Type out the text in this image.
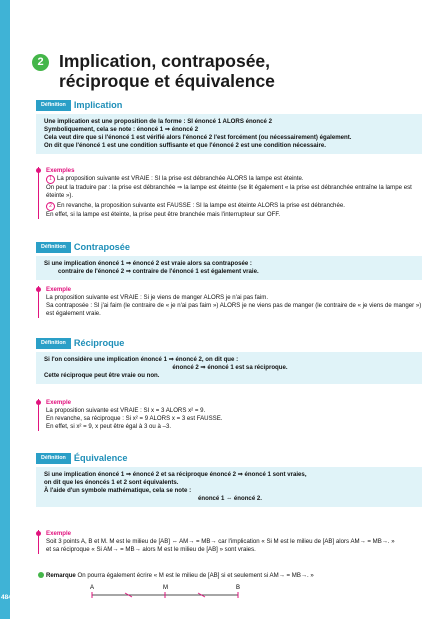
484
2 Implication, contraposée,
réciproque et équivalence
Définition Implication
Une implication est une proposition de la forme : SI énoncé 1 ALORS énoncé 2
Symboliquement, cela se note : énoncé 1 ⇒ énoncé 2
Cela veut dire que si l'énoncé 1 est vérifié alors l'énoncé 2 l'est forcément (ou nécessairement) également.
On dit que l'énoncé 1 est une condition suffisante et que l'énoncé 2 est une condition nécessaire.
Exemples
1 La proposition suivante est VRAIE : SI la prise est débranchée ALORS la lampe est éteinte.
On peut la traduire par : la prise est débranchée ⇒ la lampe est éteinte (se lit également « la prise est débranchée entraîne la lampe est éteinte »).
2 En revanche, la proposition suivante est FAUSSE : SI la lampe est éteinte ALORS la prise est débranchée.
En effet, si la lampe est éteinte, la prise peut être branchée mais l'interrupteur sur OFF.
Définition Contraposée
Si une implication énoncé 1 ⇒ énoncé 2 est vraie alors sa contraposée :
contraire de l'énoncé 2 ⇒ contraire de l'énoncé 1 est également vraie.
Exemple
La proposition suivante est VRAIE : Si je viens de manger ALORS je n'ai pas faim.
Sa contraposée : SI j'ai faim (le contraire de « je n'ai pas faim ») ALORS je ne viens pas de manger (le contraire de « je viens de manger ») est également vraie.
Définition Réciproque
Si l'on considère une implication énoncé 1 ⇒ énoncé 2, on dit que :
énoncé 2 ⇒ énoncé 1 est sa réciproque.
Cette réciproque peut être vraie ou non.
Exemple
La proposition suivante est VRAIE : SI x = 3 ALORS x² = 9.
En revanche, sa réciproque : Si x² = 9 ALORS x = 3 est FAUSSE.
En effet, si x² = 9, x peut être égal à 3 ou à –3.
Définition Équivalence
Si une implication énoncé 1 ⇒ énoncé 2 et sa réciproque énoncé 2 ⇒ énoncé 1 sont vraies,
on dit que les énoncés 1 et 2 sont équivalents.
À l'aide d'un symbole mathématique, cela se note :
énoncé 1 ⇔ énoncé 2.
Exemple
Soit 3 points A, B et M. M est le milieu de [AB] ⇔ AM→ = MB→ car l'implication « Si M est le milieu de [AB] alors AM→ = MB→. »
et sa réciproque « Si AM→ = MB→ alors M est le milieu de [AB] » sont vraies.
Remarque On pourra également écrire « M est le milieu de [AB] si et seulement si AM→ = MB→. »
A	M	B
